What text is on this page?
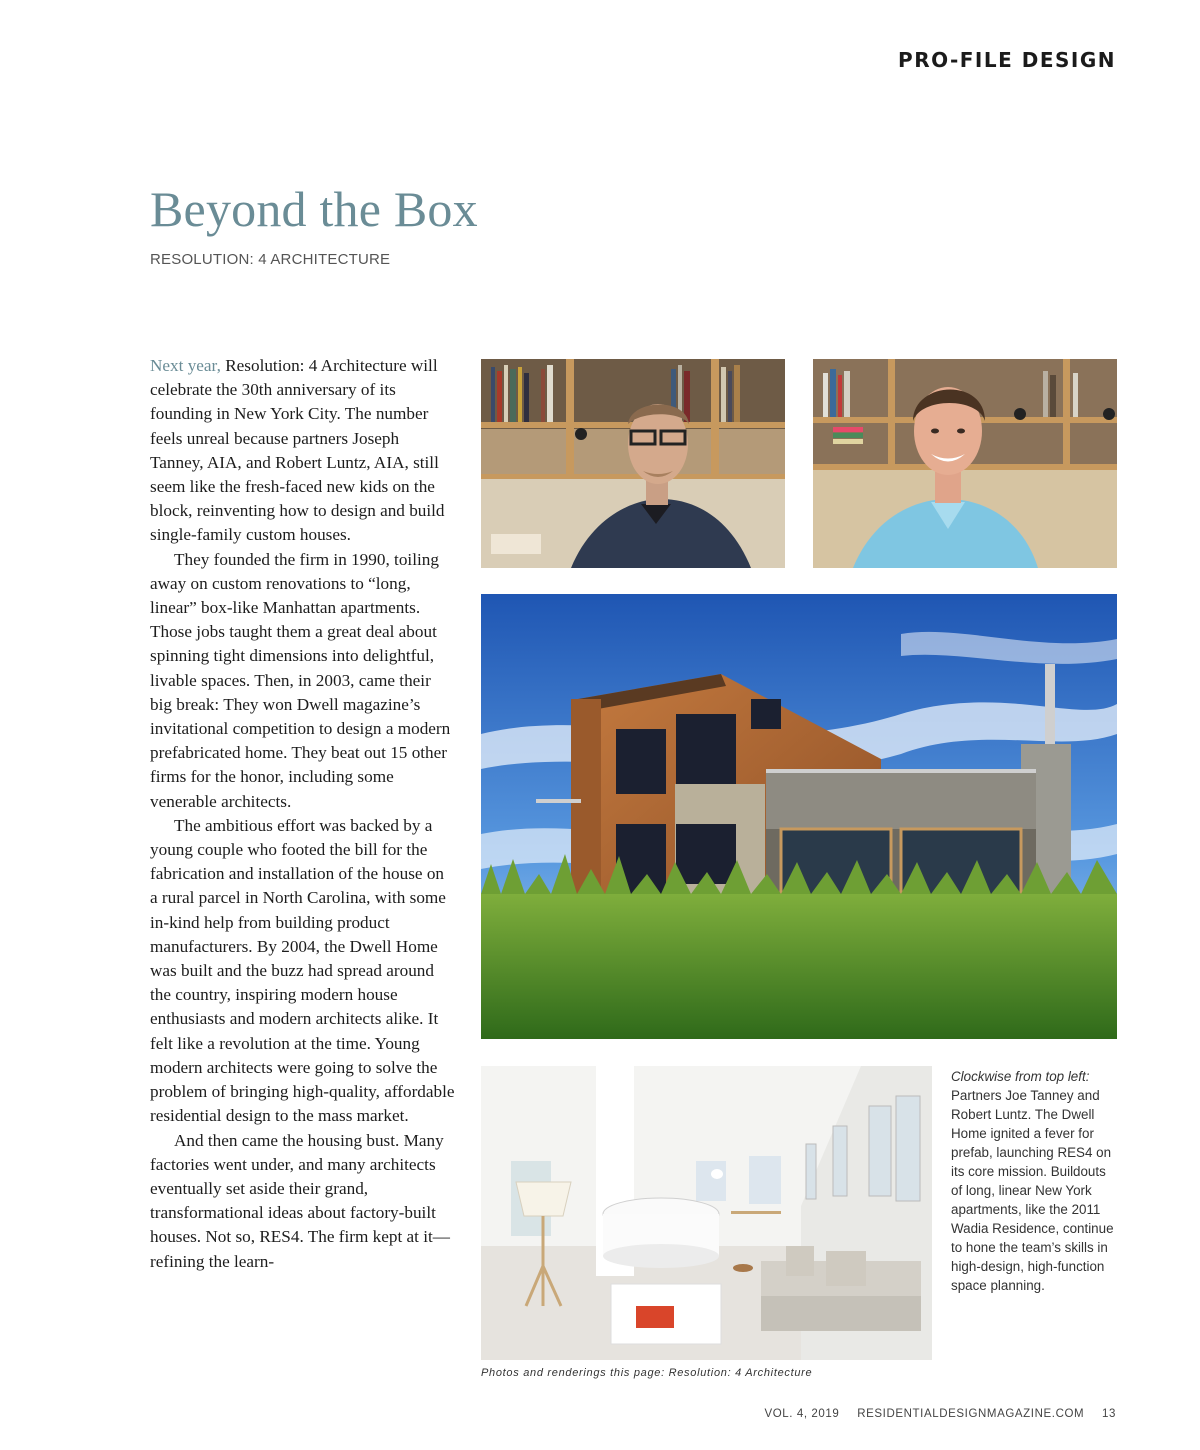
PRO-FILE DESIGN
Beyond the Box
RESOLUTION: 4 ARCHITECTURE

Next year, Resolution: 4 Architecture will celebrate the 30th anniversary of its founding in New York City. The number feels unreal because partners Joseph Tanney, AIA, and Robert Luntz, AIA, still seem like the fresh-faced new kids on the block, reinventing how to design and build single-family custom houses.

They founded the firm in 1990, toiling away on custom renovations to “long, linear” box-like Manhattan apartments. Those jobs taught them a great deal about spinning tight dimensions into delightful, livable spaces. Then, in 2003, came their big break: They won Dwell magazine’s invitational competition to design a modern prefabricated home. They beat out 15 other firms for the honor, including some venerable architects.

The ambitious effort was backed by a young couple who footed the bill for the fabrication and installation of the house on a rural parcel in North Carolina, with some in-kind help from building product manufacturers. By 2004, the Dwell Home was built and the buzz had spread around the country, inspiring modern house enthusiasts and modern architects alike. It felt like a revolution at the time. Young modern architects were going to solve the problem of bringing high-quality, affordable residential design to the mass market.

And then came the housing bust. Many factories went under, and many architects eventually set aside their grand, transformational ideas about factory-built houses. Not so, RES4. The firm kept at it—refining the learn-

Clockwise from top left: Partners Joe Tanney and Robert Luntz. The Dwell Home ignited a fever for prefab, launching RES4 on its core mission. Buildouts of long, linear New York apartments, like the 2011 Wadia Residence, continue to hone the team’s skills in high-design, high-function space planning.
Photos and renderings this page: Resolution: 4 Architecture
VOL. 4, 2019 RESIDENTIALDESIGNMAGAZINE.COM 13
